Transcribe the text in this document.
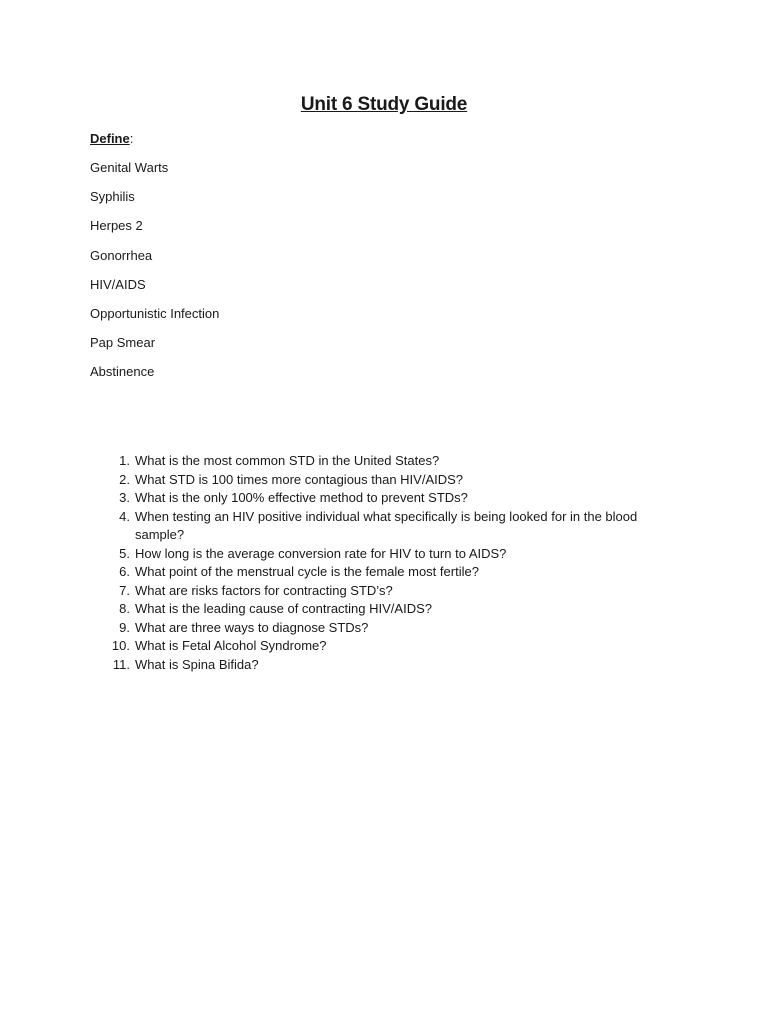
Unit 6 Study Guide
Define:
Genital Warts
Syphilis
Herpes 2
Gonorrhea
HIV/AIDS
Opportunistic Infection
Pap Smear
Abstinence
1. What is the most common STD in the United States?
2. What STD is 100 times more contagious than HIV/AIDS?
3. What is the only 100% effective method to prevent STDs?
4. When testing an HIV positive individual what specifically is being looked for in the blood sample?
5. How long is the average conversion rate for HIV to turn to AIDS?
6. What point of the menstrual cycle is the female most fertile?
7. What are risks factors for contracting STD’s?
8. What is the leading cause of contracting HIV/AIDS?
9. What are three ways to diagnose STDs?
10. What is Fetal Alcohol Syndrome?
11. What is Spina Bifida?
